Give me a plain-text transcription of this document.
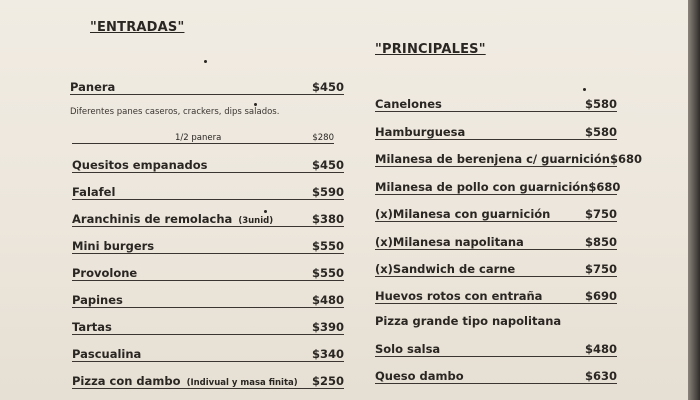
"ENTRADAS"
Panera	$450
Diferentes panes caseros, crackers, dips salados.
1/2 panera	$280
Quesitos empanados	$450
Falafel	$590
Aranchinis de remolacha (3unid)	$380
Mini burgers	$550
Provolone	$550
Papines	$480
Tartas	$390
Pascualina	$340
Pizza con dambo (Indivual y masa finita)	$250
"PRINCIPALES"
Canelones	$580
Hamburguesa	$580
Milanesa de berenjena c/ guarnición $680
Milanesa de pollo con guarnición $680
(x)Milanesa con guarnición	$750
(x)Milanesa napolitana	$850
(x)Sandwich de carne	$750
Huevos rotos con entraña	$690
Pizza grande tipo napolitana
Solo salsa	$480
Queso dambo	$630
